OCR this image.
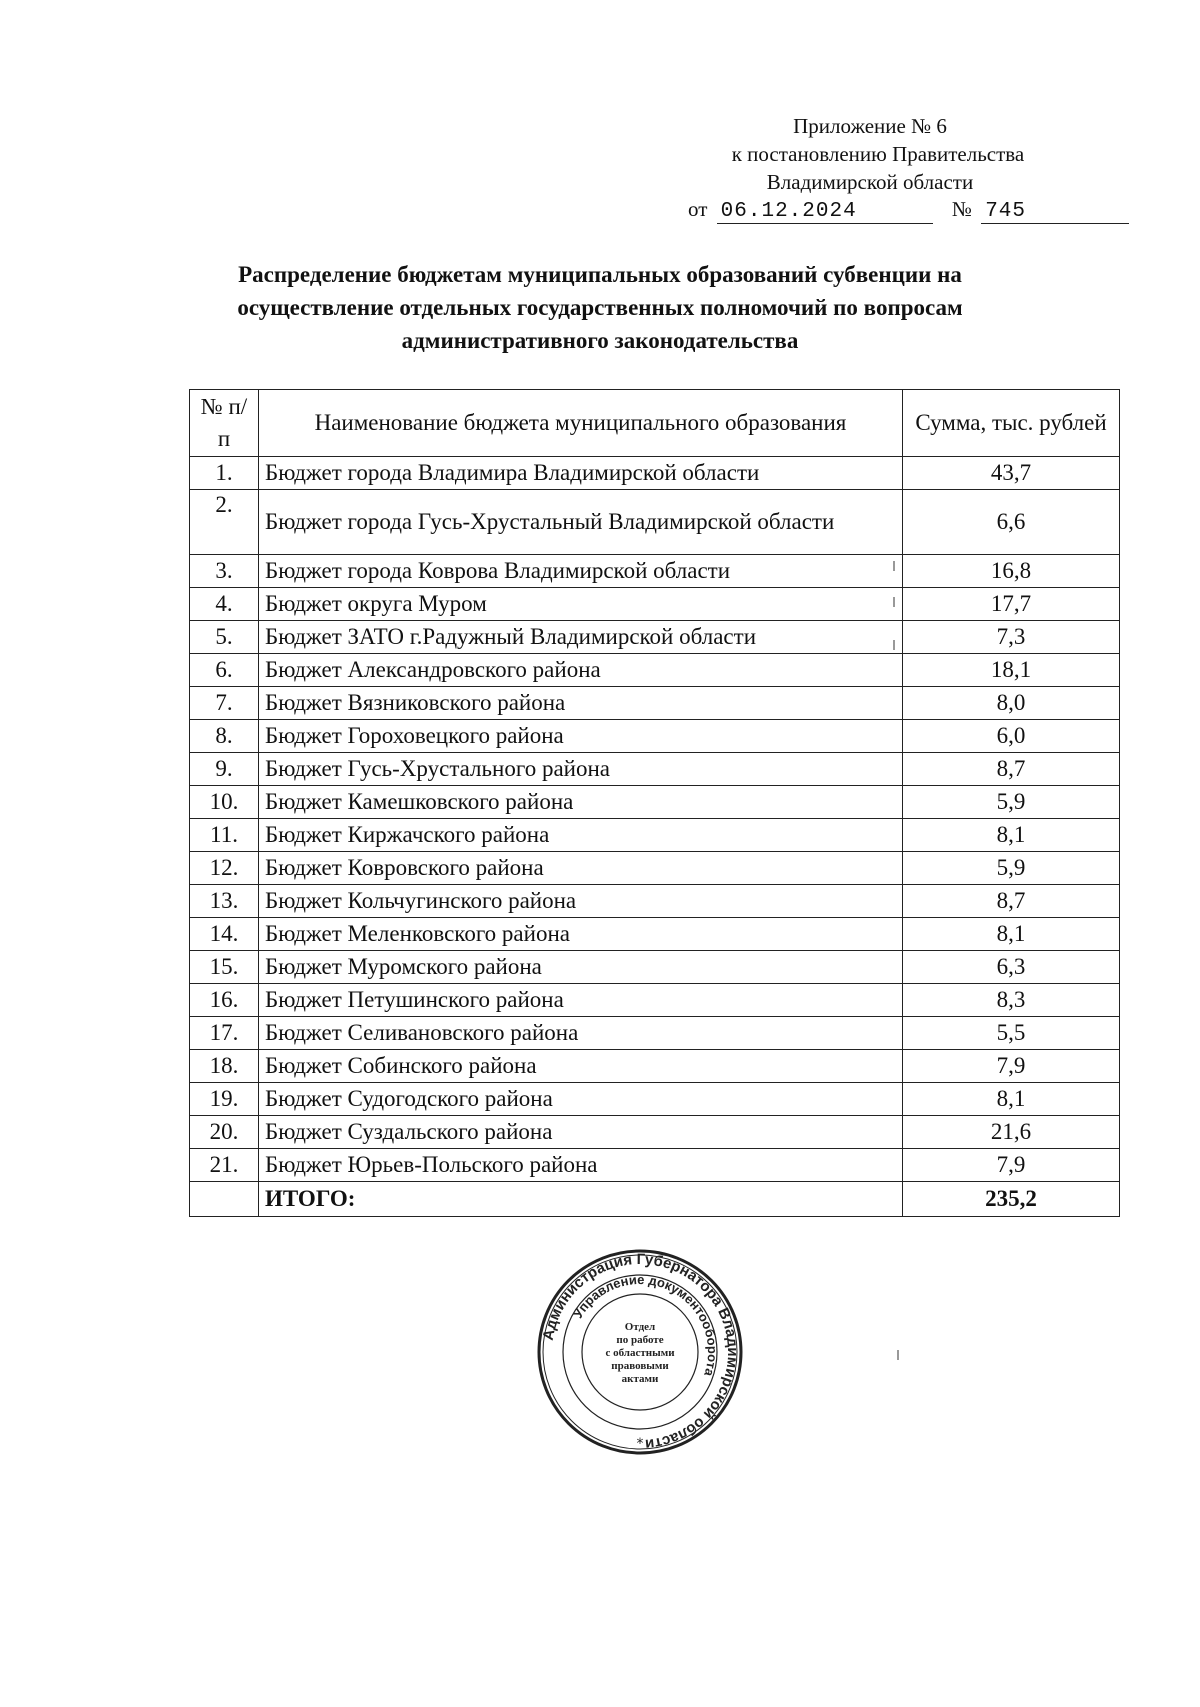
Приложение № 6
к постановлению Правительства
Владимирской области
от 06.12.2024	№ 745
Распределение бюджетам муниципальных образований субвенции на осуществление отдельных государственных полномочий по вопросам административного законодательства
№ п/п	Наименование бюджета муниципального образования	Сумма, тыс. рублей
1.	Бюджет города Владимира Владимирской области	43,7
2.	Бюджет города Гусь-Хрустальный Владимирской области	6,6
3.	Бюджет города Коврова Владимирской области	16,8
4.	Бюджет округа Муром	17,7
5.	Бюджет ЗАТО г.Радужный Владимирской области	7,3
6.	Бюджет Александровского района	18,1
7.	Бюджет Вязниковского района	8,0
8.	Бюджет Гороховецкого района	6,0
9.	Бюджет Гусь-Хрустального района	8,7
10.	Бюджет Камешковского района	5,9
11.	Бюджет Киржачского района	8,1
12.	Бюджет Ковровского района	5,9
13.	Бюджет Кольчугинского района	8,7
14.	Бюджет Меленковского района	8,1
15.	Бюджет Муромского района	6,3
16.	Бюджет Петушинского района	8,3
17.	Бюджет Селивановского района	5,5
18.	Бюджет Собинского района	7,9
19.	Бюджет Судогодского района	8,1
20.	Бюджет Суздальского района	21,6
21.	Бюджет Юрьев-Польского района	7,9
	ИТОГО:	235,2
Администрация Губернатора Владимирской области
Управление документооборота
Отдел
по работе
с областными
правовыми
актами
*
